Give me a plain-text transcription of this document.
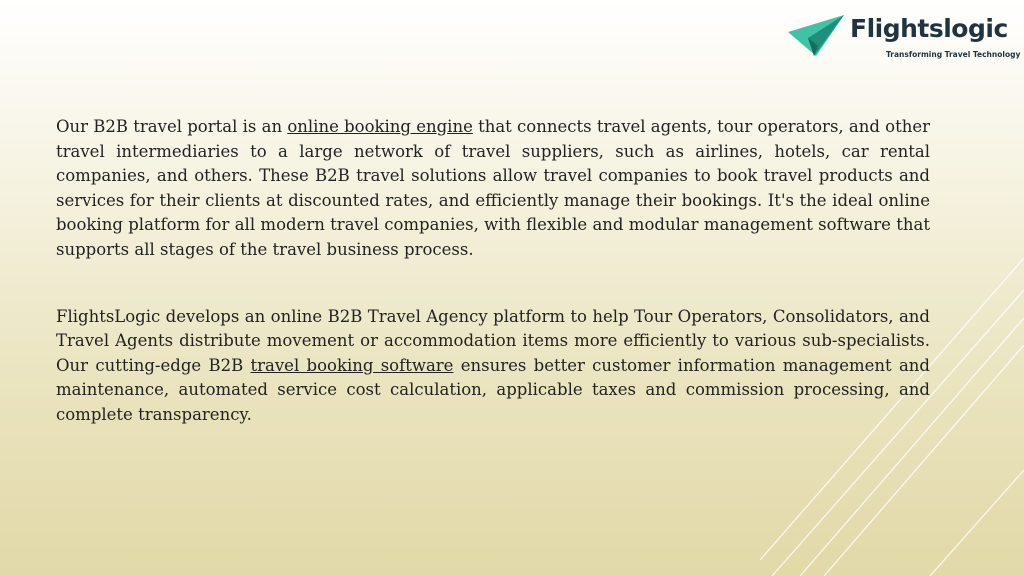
Flightslogic
Transforming Travel Technology

Our B2B travel portal is an online booking engine that connects travel agents, tour operators, and other travel intermediaries to a large network of travel suppliers, such as airlines, hotels, car rental companies, and others. These B2B travel solutions allow travel companies to book travel products and services for their clients at discounted rates, and efficiently manage their bookings. It's the ideal online booking platform for all modern travel companies, with flexible and modular management software that supports all stages of the travel business process.

FlightsLogic develops an online B2B Travel Agency platform to help Tour Operators, Consolidators, and Travel Agents distribute movement or accommodation items more efficiently to various sub-specialists. Our cutting-edge B2B travel booking software ensures better customer information management and maintenance, automated service cost calculation, applicable taxes and commission processing, and complete transparency.
